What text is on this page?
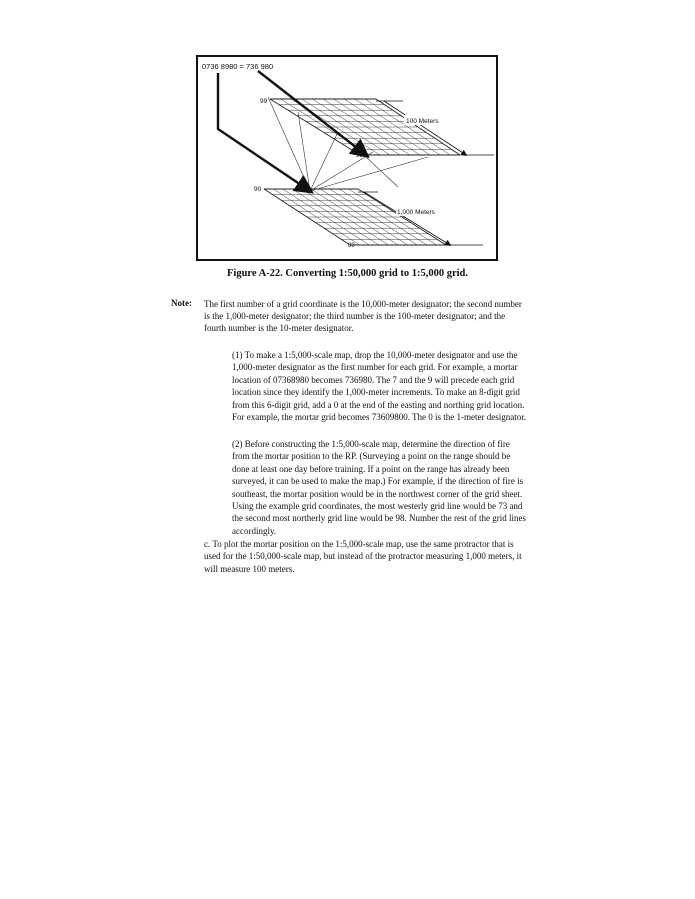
0736 8980 = 736 980
100 Meters
1,000 Meters
99
98
90
89
Figure A-22. Converting 1:50,000 grid to 1:5,000 grid.
Note: The first number of a grid coordinate is the 10,000-meter designator; the second number is the 1,000-meter designator; the third number is the 100-meter designator; and the fourth number is the 10-meter designator.

(1) To make a 1:5,000-scale map, drop the 10,000-meter designator and use the 1,000-meter designator as the first number for each grid. For example, a mortar location of 07368980 becomes 736980. The 7 and the 9 will precede each grid location since they identify the 1,000-meter increments. To make an 8-digit grid from this 6-digit grid, add a 0 at the end of the easting and northing grid location. For example, the mortar grid becomes 73609800. The 0 is the 1-meter designator.

(2) Before constructing the 1:5,000-scale map, determine the direction of fire from the mortar position to the RP. (Surveying a point on the range should be done at least one day before training. If a point on the range has already been surveyed, it can be used to make the map.) For example, if the direction of fire is southeast, the mortar position would be in the northwest corner of the grid sheet. Using the example grid coordinates, the most westerly grid line would be 73 and the second most northerly grid line would be 98. Number the rest of the grid lines accordingly.

c. To plot the mortar position on the 1:5,000-scale map, use the same protractor that is used for the 1:50,000-scale map, but instead of the protractor measuring 1,000 meters, it will measure 100 meters.
